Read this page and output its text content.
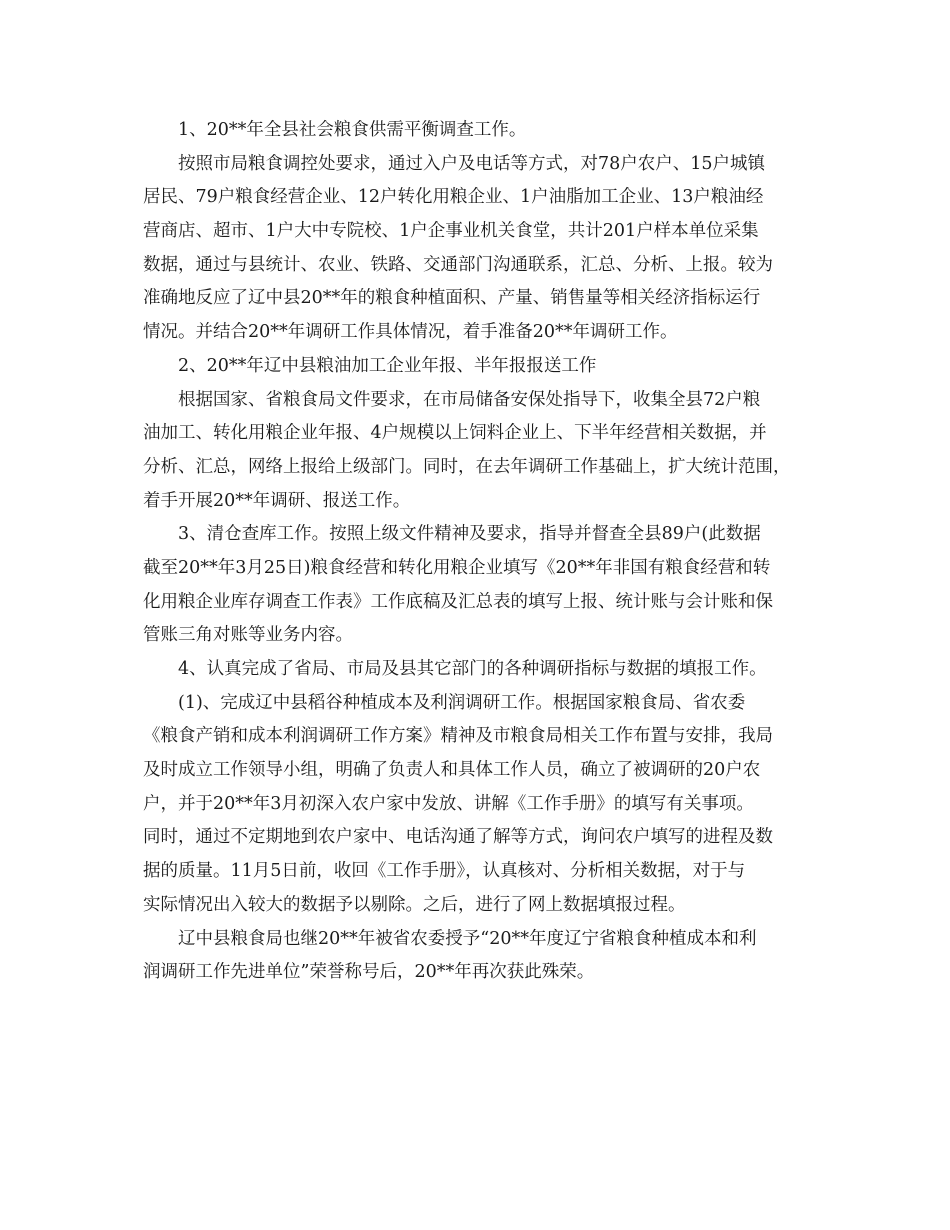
1、20**年全县社会粮食供需平衡调查工作。
按照市局粮食调控处要求，通过入户及电话等方式，对78户农户、15户城镇
居民、79户粮食经营企业、12户转化用粮企业、1户油脂加工企业、13户粮油经
营商店、超市、1户大中专院校、1户企事业机关食堂，共计201户样本单位采集
数据，通过与县统计、农业、铁路、交通部门沟通联系，汇总、分析、上报。较为
准确地反应了辽中县20**年的粮食种植面积、产量、销售量等相关经济指标运行
情况。并结合20**年调研工作具体情况，着手准备20**年调研工作。
2、20**年辽中县粮油加工企业年报、半年报报送工作
根据国家、省粮食局文件要求，在市局储备安保处指导下，收集全县72户粮
油加工、转化用粮企业年报、4户规模以上饲料企业上、下半年经营相关数据，并
分析、汇总，网络上报给上级部门。同时，在去年调研工作基础上，扩大统计范围，
着手开展20**年调研、报送工作。
3、清仓查库工作。按照上级文件精神及要求，指导并督查全县89户(此数据
截至20**年3月25日)粮食经营和转化用粮企业填写《20**年非国有粮食经营和转
化用粮企业库存调查工作表》工作底稿及汇总表的填写上报、统计账与会计账和保
管账三角对账等业务内容。
4、认真完成了省局、市局及县其它部门的各种调研指标与数据的填报工作。
(1)、完成辽中县稻谷种植成本及利润调研工作。根据国家粮食局、省农委
《粮食产销和成本利润调研工作方案》精神及市粮食局相关工作布置与安排，我局
及时成立工作领导小组，明确了负责人和具体工作人员，确立了被调研的20户农
户，并于20**年3月初深入农户家中发放、讲解《工作手册》的填写有关事项。
同时，通过不定期地到农户家中、电话沟通了解等方式，询问农户填写的进程及数
据的质量。11月5日前，收回《工作手册》，认真核对、分析相关数据，对于与
实际情况出入较大的数据予以剔除。之后，进行了网上数据填报过程。
辽中县粮食局也继20**年被省农委授予“20**年度辽宁省粮食种植成本和利
润调研工作先进单位”荣誉称号后，20**年再次获此殊荣。
